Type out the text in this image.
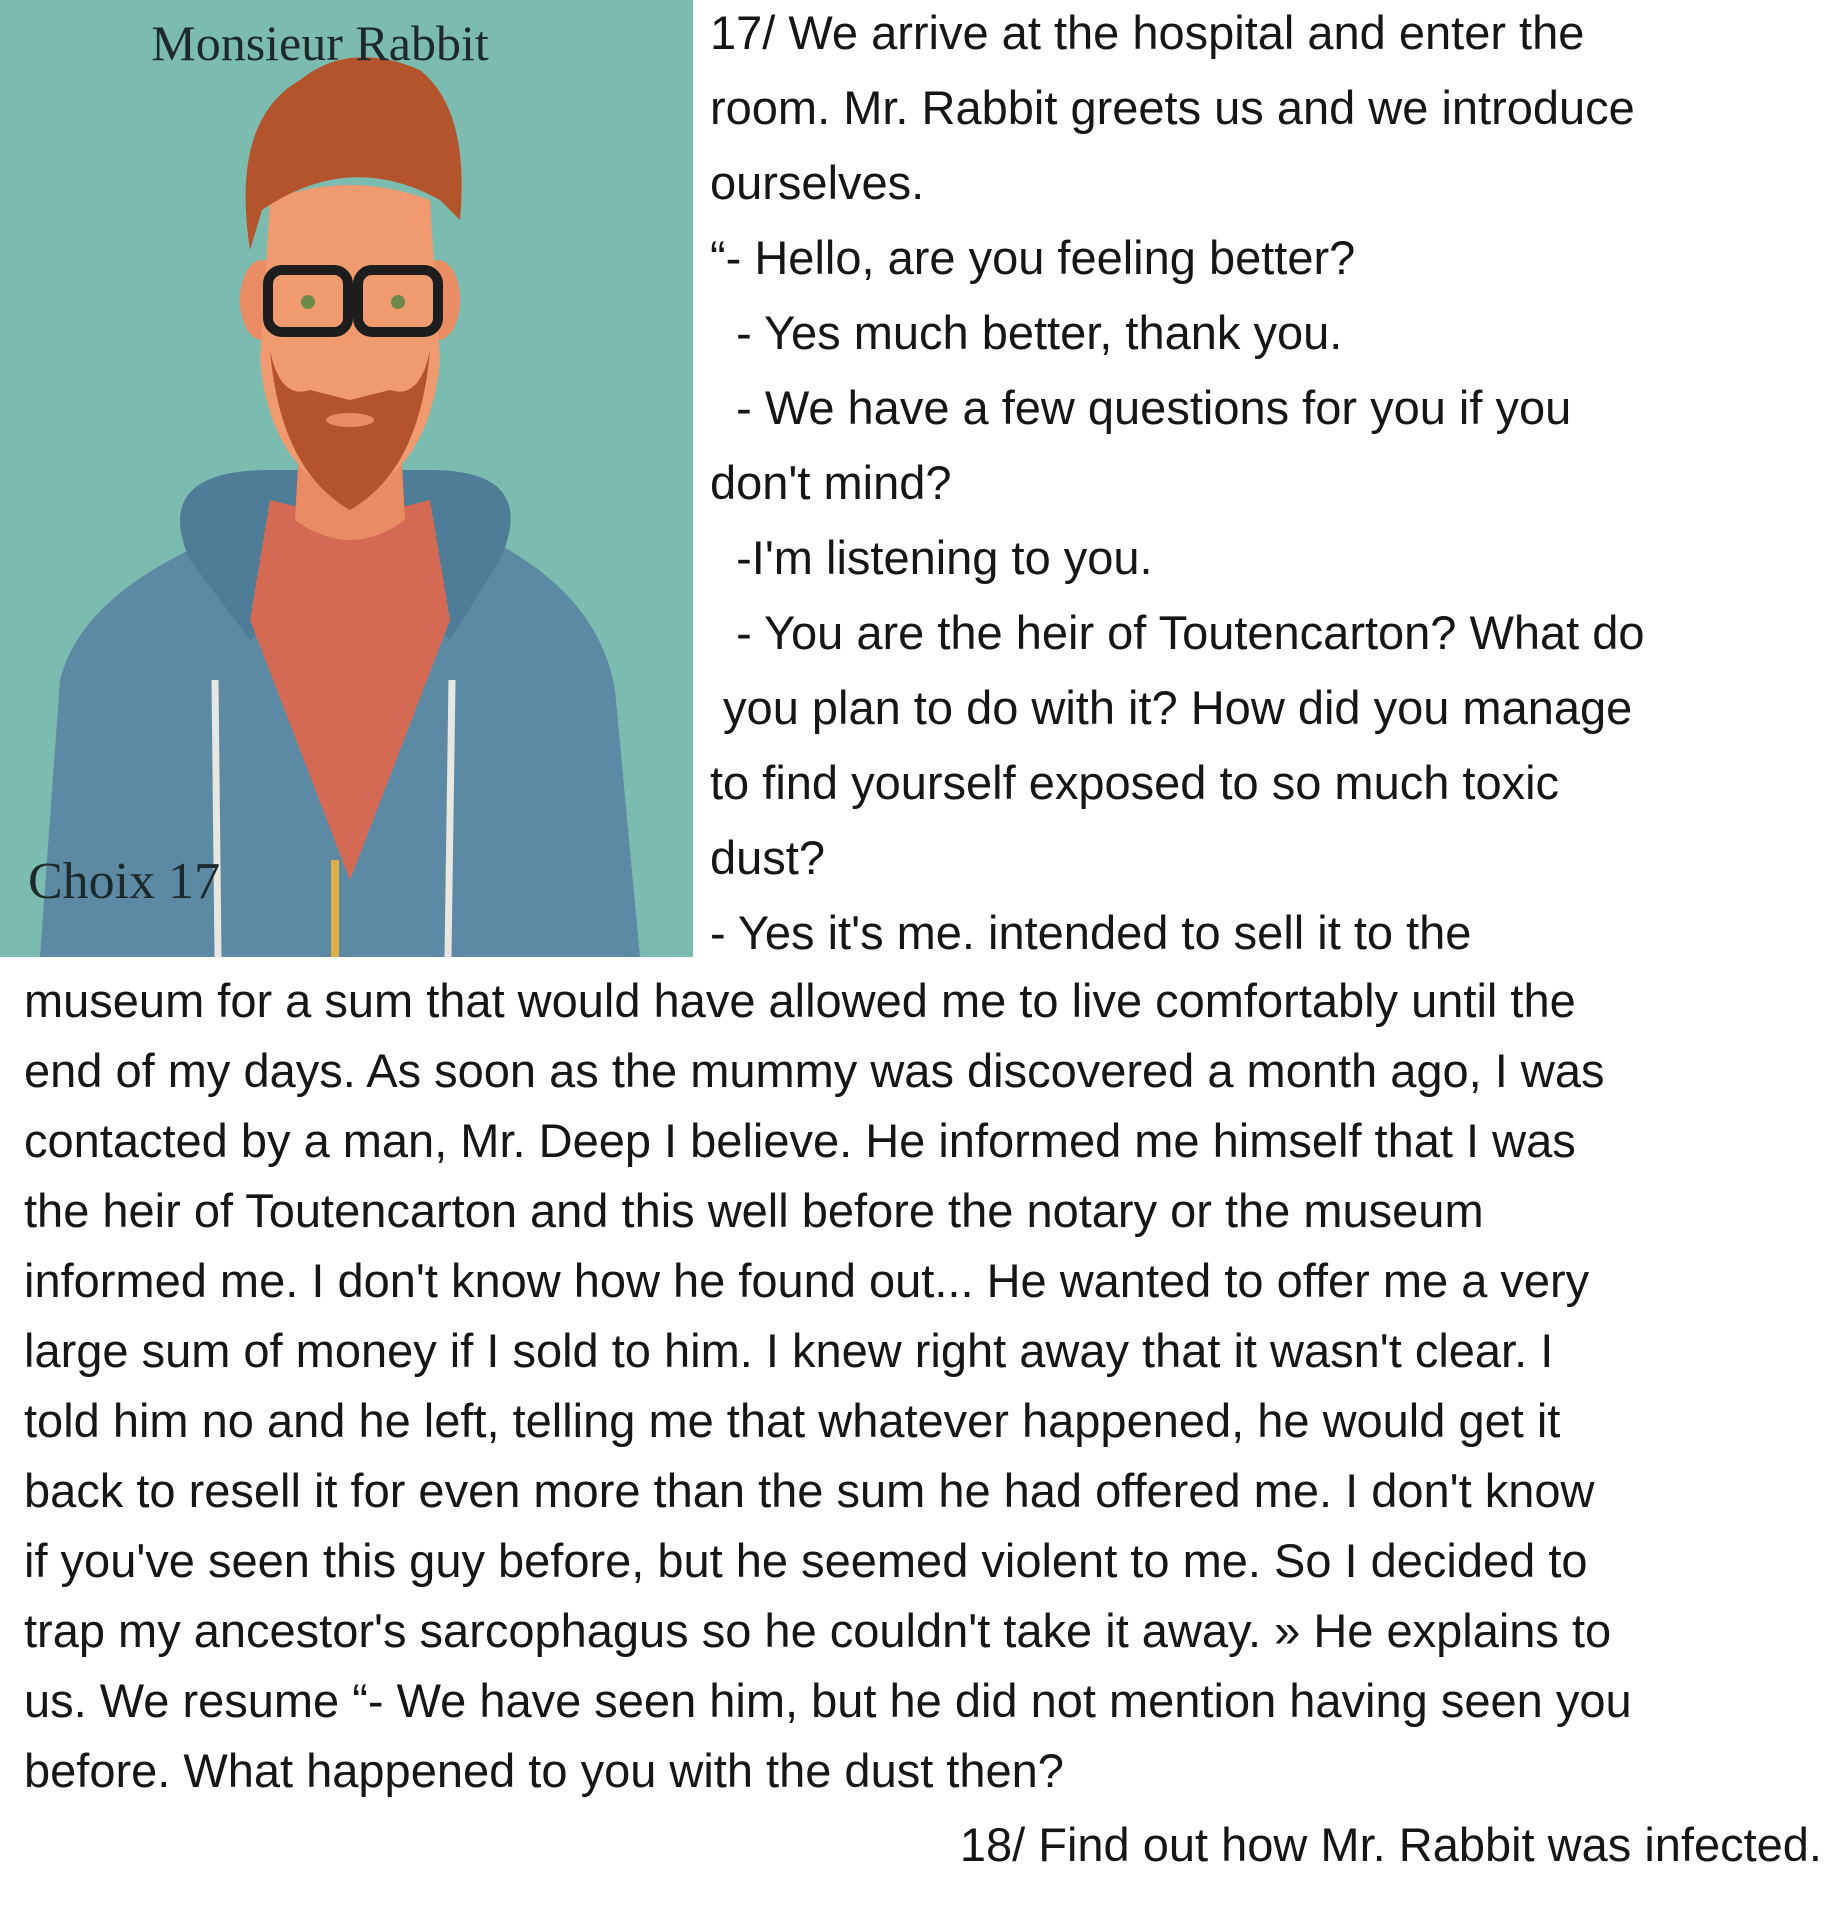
Monsieur Rabbit
Choix 17
17/ We arrive at the hospital and enter the
room. Mr. Rabbit greets us and we introduce
ourselves.
“- Hello, are you feeling better?
- Yes much better, thank you.
- We have a few questions for you if you
don't mind?
-I'm listening to you.
- You are the heir of Toutencarton? What do
you plan to do with it? How did you manage
to find yourself exposed to so much toxic
dust?
- Yes it's me. intended to sell it to the
museum for a sum that would have allowed me to live comfortably until the
end of my days. As soon as the mummy was discovered a month ago, I was
contacted by a man, Mr. Deep I believe. He informed me himself that I was
the heir of Toutencarton and this well before the notary or the museum
informed me. I don't know how he found out... He wanted to offer me a very
large sum of money if I sold to him. I knew right away that it wasn't clear. I
told him no and he left, telling me that whatever happened, he would get it
back to resell it for even more than the sum he had offered me. I don't know
if you've seen this guy before, but he seemed violent to me. So I decided to
trap my ancestor's sarcophagus so he couldn't take it away. » He explains to
us. We resume “- We have seen him, but he did not mention having seen you
before. What happened to you with the dust then?
18/ Find out how Mr. Rabbit was infected.
